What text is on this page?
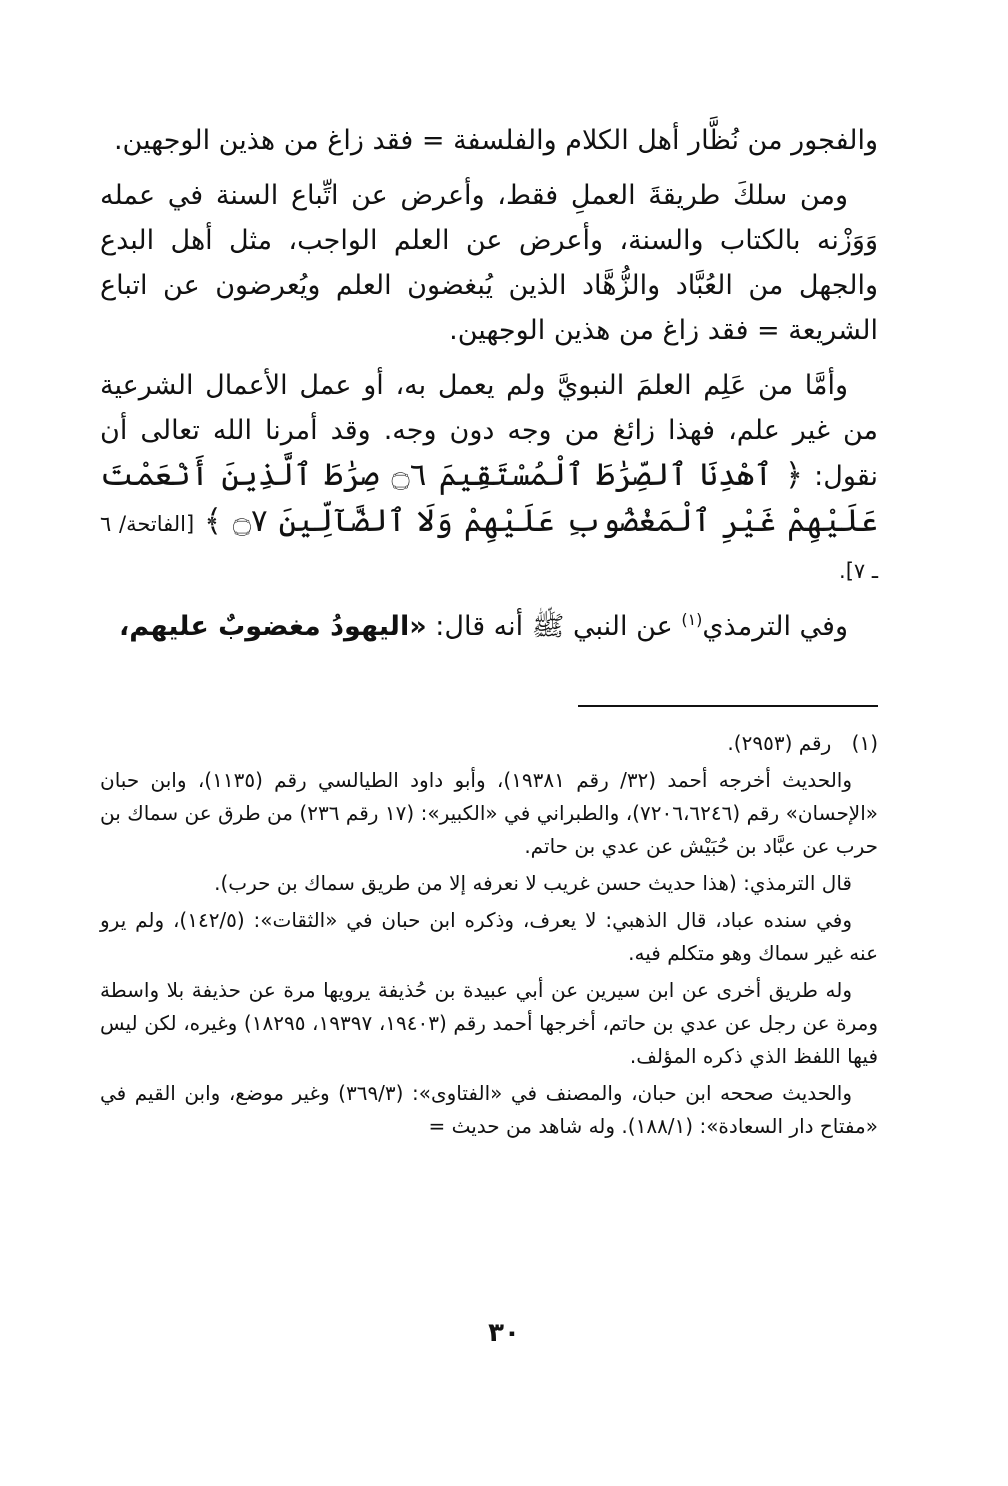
والفجور من نُظَّار أهل الكلام والفلسفة = فقد زاغ من هذين الوجهين.

ومن سلكَ طريقةَ العملِ فقط، وأعرض عن اتِّباع السنة في عمله وَوَزْنه بالكتاب والسنة، وأعرض عن العلم الواجب، مثل أهل البدع والجهل من العُبَّاد والزُّهَّاد الذين يُبغضون العلم ويُعرضون عن اتباع الشريعة = فقد زاغ من هذين الوجهين.

وأمَّا من عَلِم العلمَ النبويَّ ولم يعمل به، أو عمل الأعمال الشرعية من غير علم، فهذا زائغ من وجه دون وجه. وقد أمرنا الله تعالى أن نقول: ﴿ ٱهْدِنَا ٱلصِّرَٰطَ ٱلْمُسْتَقِيمَ ۝٦ صِرَٰطَ ٱلَّذِينَ أَنْعَمْتَ عَلَيْهِمْ غَيْرِ ٱلْمَغْضُوبِ عَلَيْهِمْ وَلَا ٱلضَّآلِّينَ ۝٧ ﴾ [الفاتحة/ ٦ ـ ٧].

وفي الترمذي$^{(١)}$ عن النبي ﷺ أنه قال: «اليهودُ مغضوبٌ عليهم،

(١) رقم (٢٩٥٣).

والحديث أخرجه أحمد (٣٢/ رقم ١٩٣٨١)، وأبو داود الطيالسي رقم (١١٣٥)، وابن حبان «الإحسان» رقم (٧٢٠٦،٦٢٤٦)، والطبراني في «الكبير»: (١٧ رقم ٢٣٦) من طرق عن سماك بن حرب عن عبَّاد بن حُبَيْش عن عدي بن حاتم.

قال الترمذي: (هذا حديث حسن غريب لا نعرفه إلا من طريق سماك بن حرب).

وفي سنده عباد، قال الذهبي: لا يعرف، وذكره ابن حبان في «الثقات»: (١٤٢/٥)، ولم يرو عنه غير سماك وهو متكلم فيه.

وله طريق أخرى عن ابن سيرين عن أبي عبيدة بن حُذيفة يرويها مرة عن حذيفة بلا واسطة ومرة عن رجل عن عدي بن حاتم، أخرجها أحمد رقم (١٩٤٠٣، ١٩٣٩٧، ١٨٢٩٥) وغيره، لكن ليس فيها اللفظ الذي ذكره المؤلف.

والحديث صححه ابن حبان، والمصنف في «الفتاوى»: (٣٦٩/٣) وغير موضع، وابن القيم في «مفتاح دار السعادة»: (١٨٨/١). وله شاهد من حديث =

٣٠
